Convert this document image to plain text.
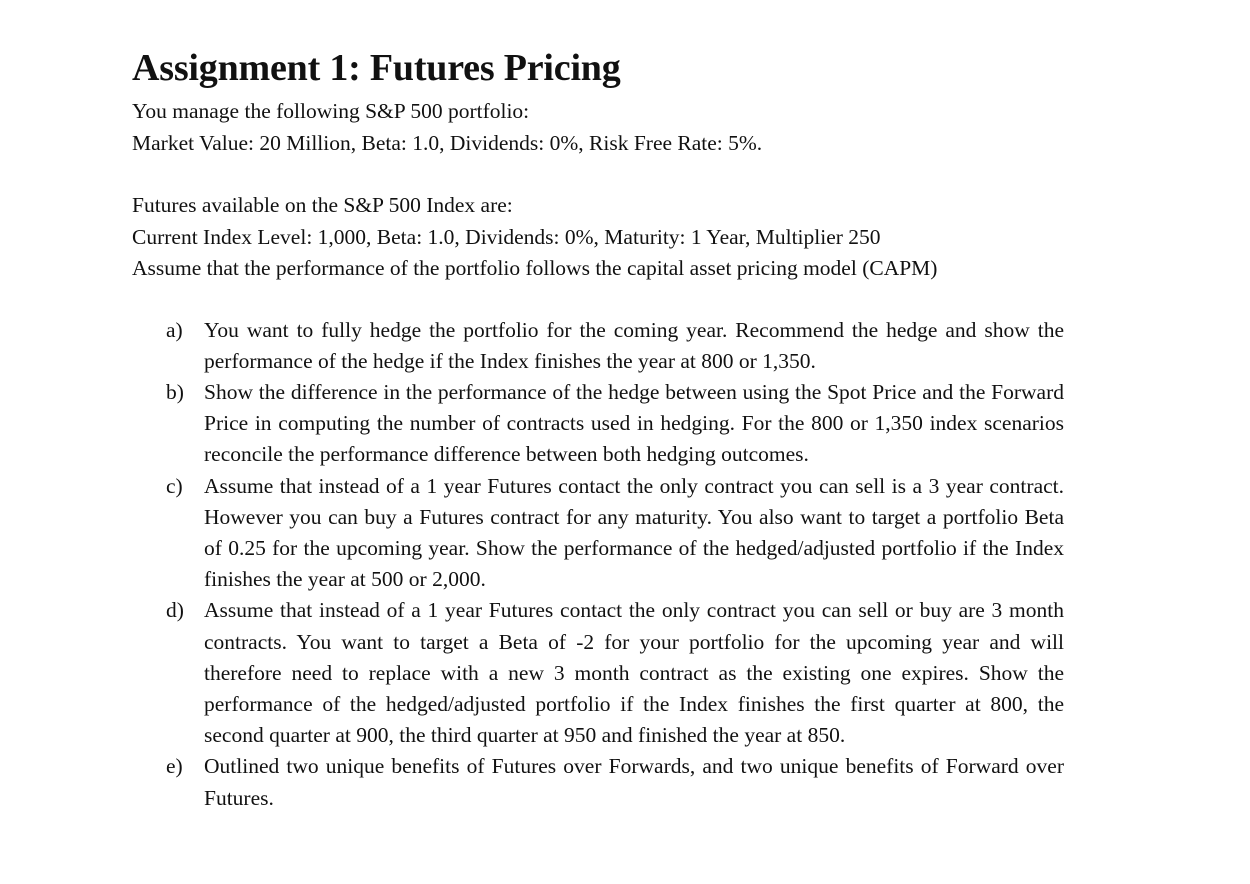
Assignment 1: Futures Pricing

You manage the following S&P 500 portfolio:

Market Value: 20 Million, Beta: 1.0, Dividends: 0%, Risk Free Rate: 5%.

Futures available on the S&P 500 Index are:

Current Index Level: 1,000, Beta: 1.0, Dividends: 0%, Maturity: 1 Year, Multiplier 250

Assume that the performance of the portfolio follows the capital asset pricing model (CAPM)

a) You want to fully hedge the portfolio for the coming year. Recommend the hedge and show the performance of the hedge if the Index finishes the year at 800 or 1,350.
b) Show the difference in the performance of the hedge between using the Spot Price and the Forward Price in computing the number of contracts used in hedging. For the 800 or 1,350 index scenarios reconcile the performance difference between both hedging outcomes.
c) Assume that instead of a 1 year Futures contact the only contract you can sell is a 3 year contract. However you can buy a Futures contract for any maturity. You also want to target a portfolio Beta of 0.25 for the upcoming year. Show the performance of the hedged/adjusted portfolio if the Index finishes the year at 500 or 2,000.
d) Assume that instead of a 1 year Futures contact the only contract you can sell or buy are 3 month contracts. You want to target a Beta of -2 for your portfolio for the upcoming year and will therefore need to replace with a new 3 month contract as the existing one expires. Show the performance of the hedged/adjusted portfolio if the Index finishes the first quarter at 800, the second quarter at 900, the third quarter at 950 and finished the year at 850.
e) Outlined two unique benefits of Futures over Forwards, and two unique benefits of Forward over Futures.
